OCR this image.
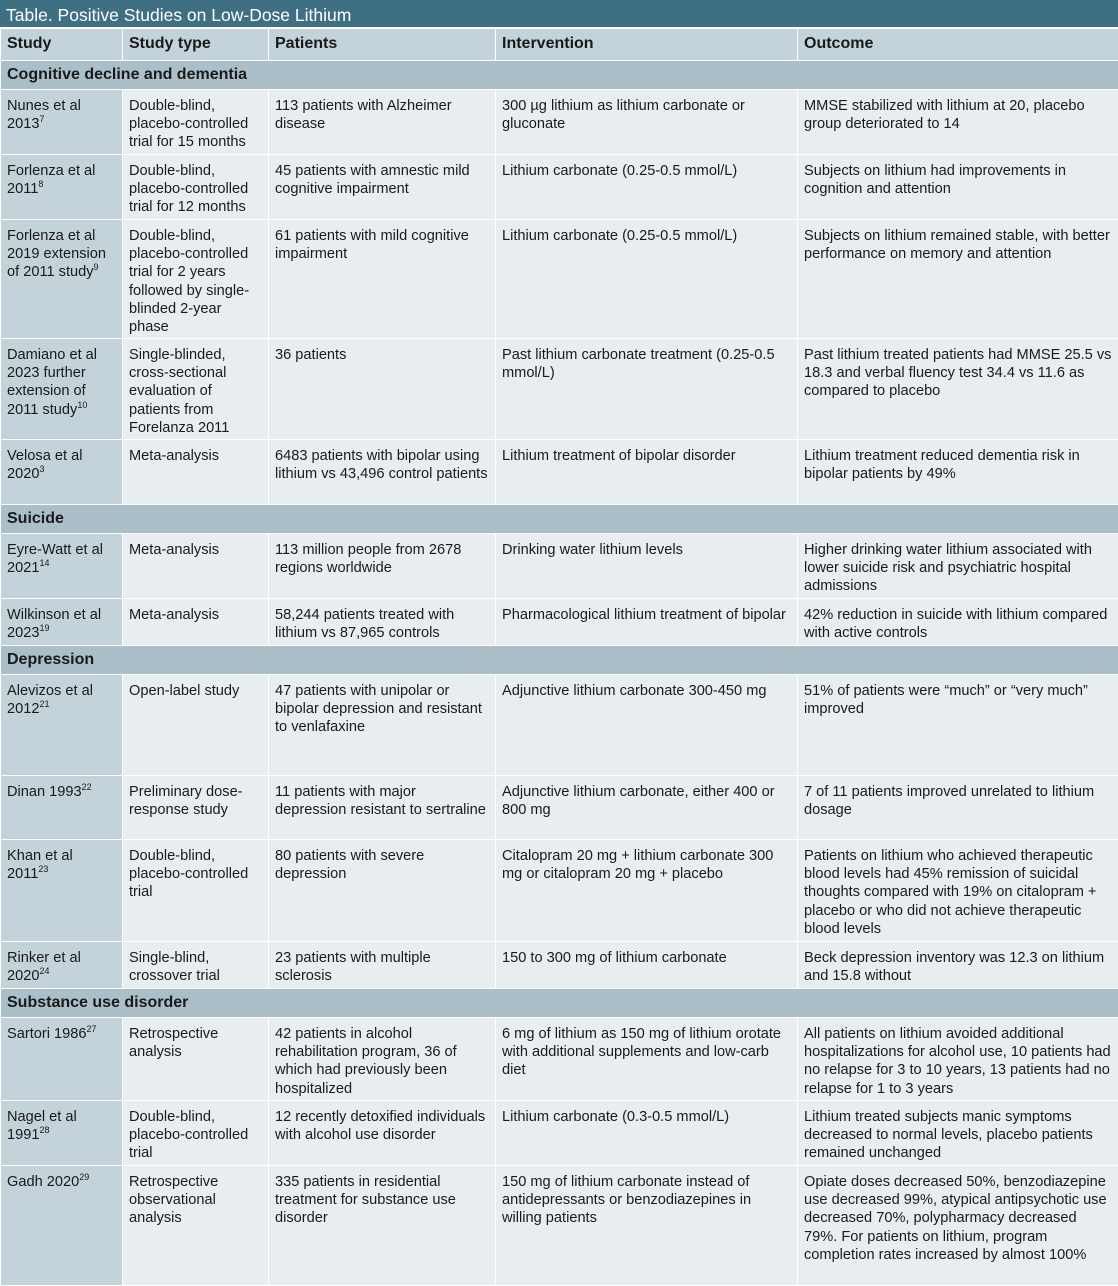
Table. Positive Studies on Low-Dose Lithium
Study	Study type	Patients	Intervention	Outcome
Cognitive decline and dementia				
Nunes et al 2013$^7$	Double-blind, placebo-controlled trial for 15 months	113 patients with Alzheimer disease	300 µg lithium as lithium carbonate or gluconate	MMSE stabilized with lithium at 20, placebo group deteriorated to 14
Forlenza et al 2011$^8$	Double-blind, placebo-controlled trial for 12 months	45 patients with amnestic mild cognitive impairment	Lithium carbonate (0.25-0.5 mmol/L)	Subjects on lithium had improvements in cognition and attention
Forlenza et al 2019 extension of 2011 study$^9$	Double-blind, placebo-controlled trial for 2 years followed by single-blinded 2-year phase	61 patients with mild cognitive impairment	Lithium carbonate (0.25-0.5 mmol/L)	Subjects on lithium remained stable, with better performance on memory and attention
Damiano et al 2023 further extension of 2011 study$^{10}$	Single-blinded, cross-sectional evaluation of patients from Forelanza 2011	36 patients	Past lithium carbonate treatment (0.25-0.5 mmol/L)	Past lithium treated patients had MMSE 25.5 vs 18.3 and verbal fluency test 34.4 vs 11.6 as compared to placebo
Velosa et al 2020$^3$	Meta-analysis	6483 patients with bipolar using lithium vs 43,496 control patients	Lithium treatment of bipolar disorder	Lithium treatment reduced dementia risk in bipolar patients by 49%
Suicide				
Eyre-Watt et al 2021$^{14}$	Meta-analysis	113 million people from 2678 regions worldwide	Drinking water lithium levels	Higher drinking water lithium associated with lower suicide risk and psychiatric hospital admissions
Wilkinson et al 2023$^{19}$	Meta-analysis	58,244 patients treated with lithium vs 87,965 controls	Pharmacological lithium treatment of bipolar	42% reduction in suicide with lithium compared with active controls
Depression				
Alevizos et al 2012$^{21}$	Open-label study	47 patients with unipolar or bipolar depression and resistant to venlafaxine	Adjunctive lithium carbonate 300-450 mg	51% of patients were “much” or “very much” improved
Dinan 1993$^{22}$	Preliminary dose-response study	11 patients with major depression resistant to sertraline	Adjunctive lithium carbonate, either 400 or 800 mg	7 of 11 patients improved unrelated to lithium dosage
Khan et al 2011$^{23}$	Double-blind, placebo-controlled trial	80 patients with severe depression	Citalopram 20 mg + lithium carbonate 300 mg or citalopram 20 mg + placebo	Patients on lithium who achieved therapeutic blood levels had 45% remission of suicidal thoughts compared with 19% on citalopram + placebo or who did not achieve therapeutic blood levels
Rinker et al 2020$^{24}$	Single-blind, crossover trial	23 patients with multiple sclerosis	150 to 300 mg of lithium carbonate	Beck depression inventory was 12.3 on lithium and 15.8 without
Substance use disorder				
Sartori 1986$^{27}$	Retrospective analysis	42 patients in alcohol rehabilitation program, 36 of which had previously been hospitalized	6 mg of lithium as 150 mg of lithium orotate with additional supplements and low-carb diet	All patients on lithium avoided additional hospitalizations for alcohol use, 10 patients had no relapse for 3 to 10 years, 13 patients had no relapse for 1 to 3 years
Nagel et al 1991$^{28}$	Double-blind, placebo-controlled trial	12 recently detoxified individuals with alcohol use disorder	Lithium carbonate (0.3-0.5 mmol/L)	Lithium treated subjects manic symptoms decreased to normal levels, placebo patients remained unchanged
Gadh 2020$^{29}$	Retrospective observational analysis	335 patients in residential treatment for substance use disorder	150 mg of lithium carbonate instead of antidepressants or benzodiazepines in willing patients	Opiate doses decreased 50%, benzodiazepine use decreased 99%, atypical antipsychotic use decreased 70%, polypharmacy decreased 79%. For patients on lithium, program completion rates increased by almost 100%
